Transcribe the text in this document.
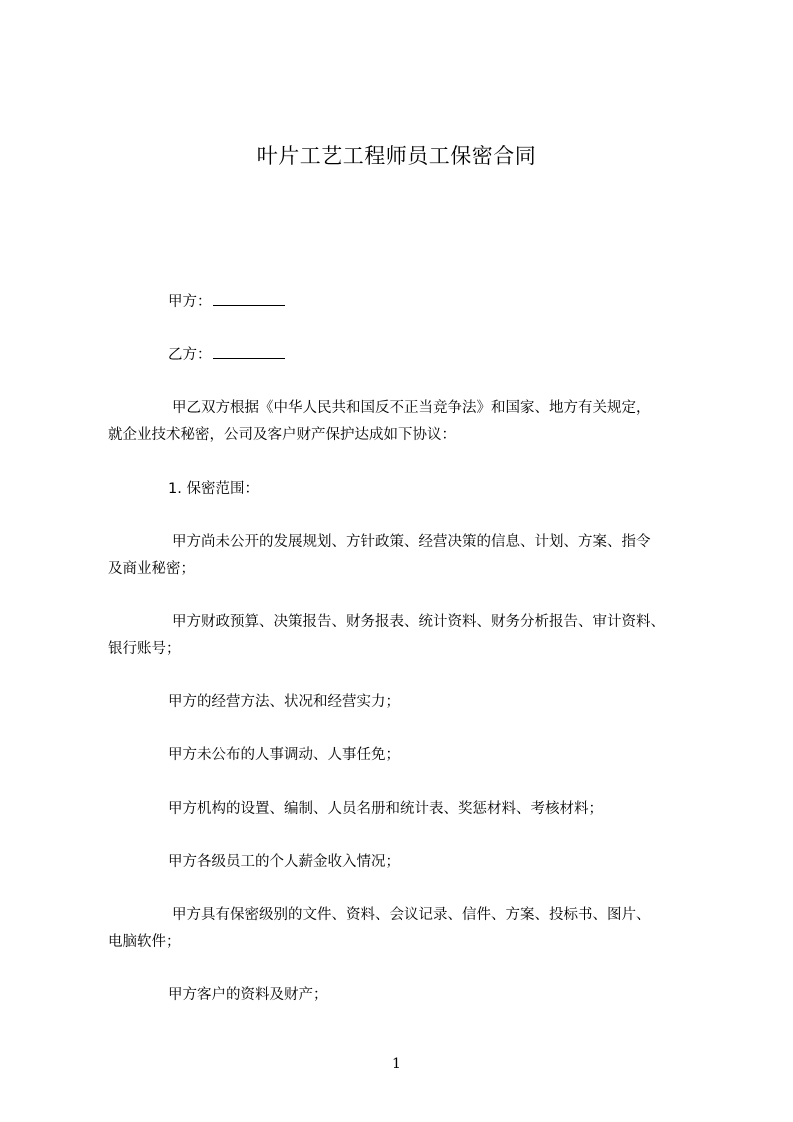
叶片工艺工程师员工保密合同
甲方：
乙方：
甲乙双方根据《中华人民共和国反不正当竞争法》和国家、地方有关规定，
就企业技术秘密，公司及客户财产保护达成如下协议：
1. 保密范围：
甲方尚未公开的发展规划、方针政策、经营决策的信息、计划、方案、指令
及商业秘密；
甲方财政预算、决策报告、财务报表、统计资料、财务分析报告、审计资料、
银行账号；
甲方的经营方法、状况和经营实力；
甲方未公布的人事调动、人事任免；
甲方机构的设置、编制、人员名册和统计表、奖惩材料、考核材料；
甲方各级员工的个人薪金收入情况；
甲方具有保密级别的文件、资料、会议记录、信件、方案、投标书、图片、
电脑软件；
甲方客户的资料及财产；
1
